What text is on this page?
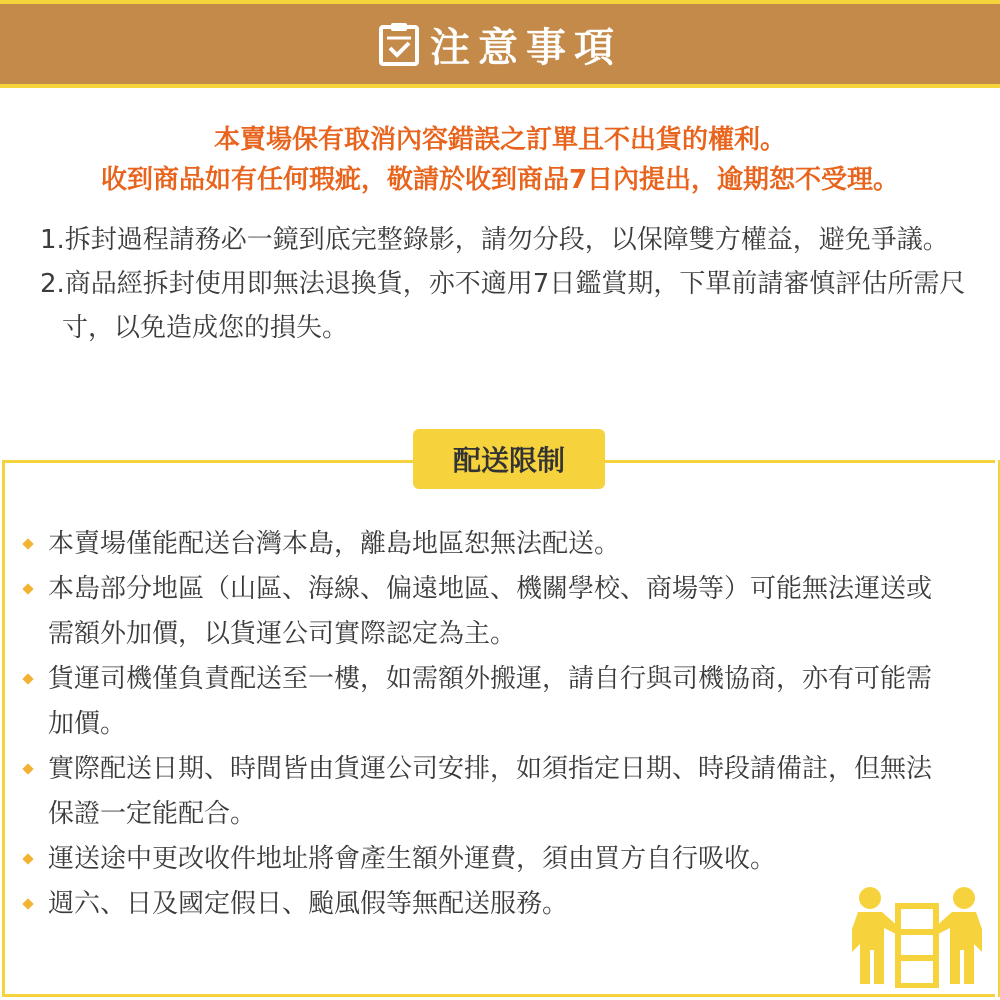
注意事項
本賣場保有取消內容錯誤之訂單且不出貨的權利。
收到商品如有任何瑕疵，敬請於收到商品7日內提出，逾期恕不受理。
1.拆封過程請務必一鏡到底完整錄影，請勿分段，以保障雙方權益，避免爭議。
2.商品經拆封使用即無法退換貨，亦不適用7日鑑賞期，下單前請審慎評估所需尺寸，以免造成您的損失。
配送限制
本賣場僅能配送台灣本島，離島地區恕無法配送。
本島部分地區（山區、海線、偏遠地區、機關學校、商場等）可能無法運送或需額外加價，以貨運公司實際認定為主。
貨運司機僅負責配送至一樓，如需額外搬運，請自行與司機協商，亦有可能需加價。
實際配送日期、時間皆由貨運公司安排，如須指定日期、時段請備註，但無法保證一定能配合。
運送途中更改收件地址將會產生額外運費，須由買方自行吸收。
週六、日及國定假日、颱風假等無配送服務。
